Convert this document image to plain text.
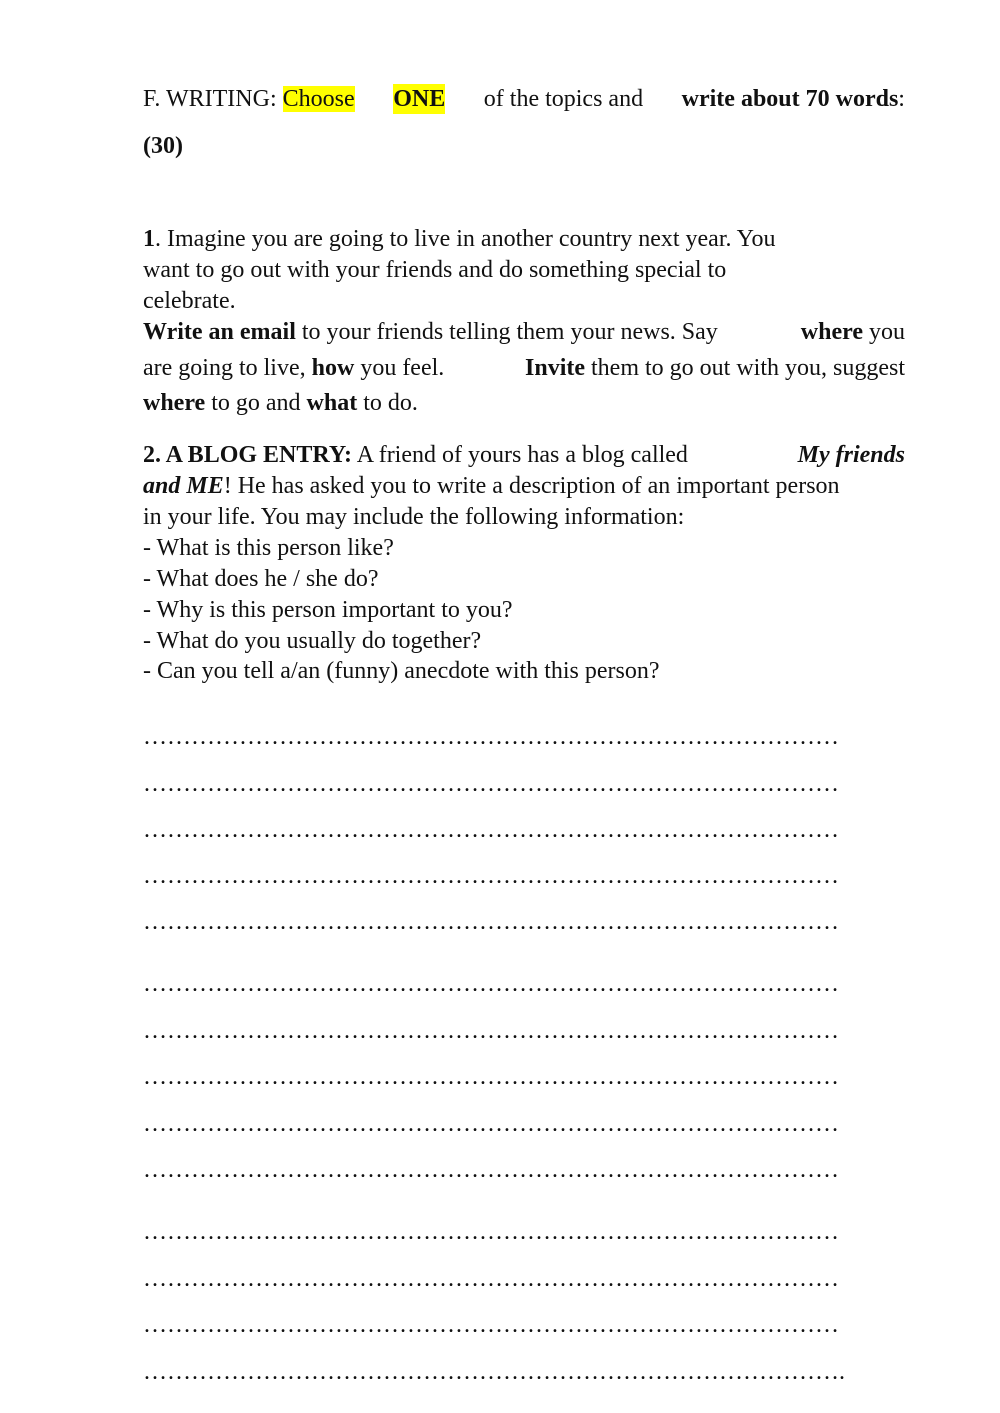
F. WRITING: Choose ONE of the topics and write about 70 words:
(30)
1. Imagine you are going to live in another country next year. You
want to go out with your friends and do something special to
celebrate.
Write an email to your friends telling them your news. Say	where you
are going to live, how you feel.	Invite them to go out with you, suggest
where to go and what to do.
2. A BLOG ENTRY: A friend of yours has a blog called	My friends
and ME! He has asked you to write a description of an important person
in your life. You may include the following information:
- What is this person like?
- What does he / she do?
- Why is this person important to you?
- What do you usually do together?
- Can you tell a/an (funny) anecdote with this person?
……………………………………………………………………………
……………………………………………………………………………
……………………………………………………………………………
……………………………………………………………………………
……………………………………………………………………………
……………………………………………………………………………
……………………………………………………………………………
……………………………………………………………………………
……………………………………………………………………………
……………………………………………………………………………
……………………………………………………………………………
……………………………………………………………………………
……………………………………………………………………………
…………………………………………………………………………….
